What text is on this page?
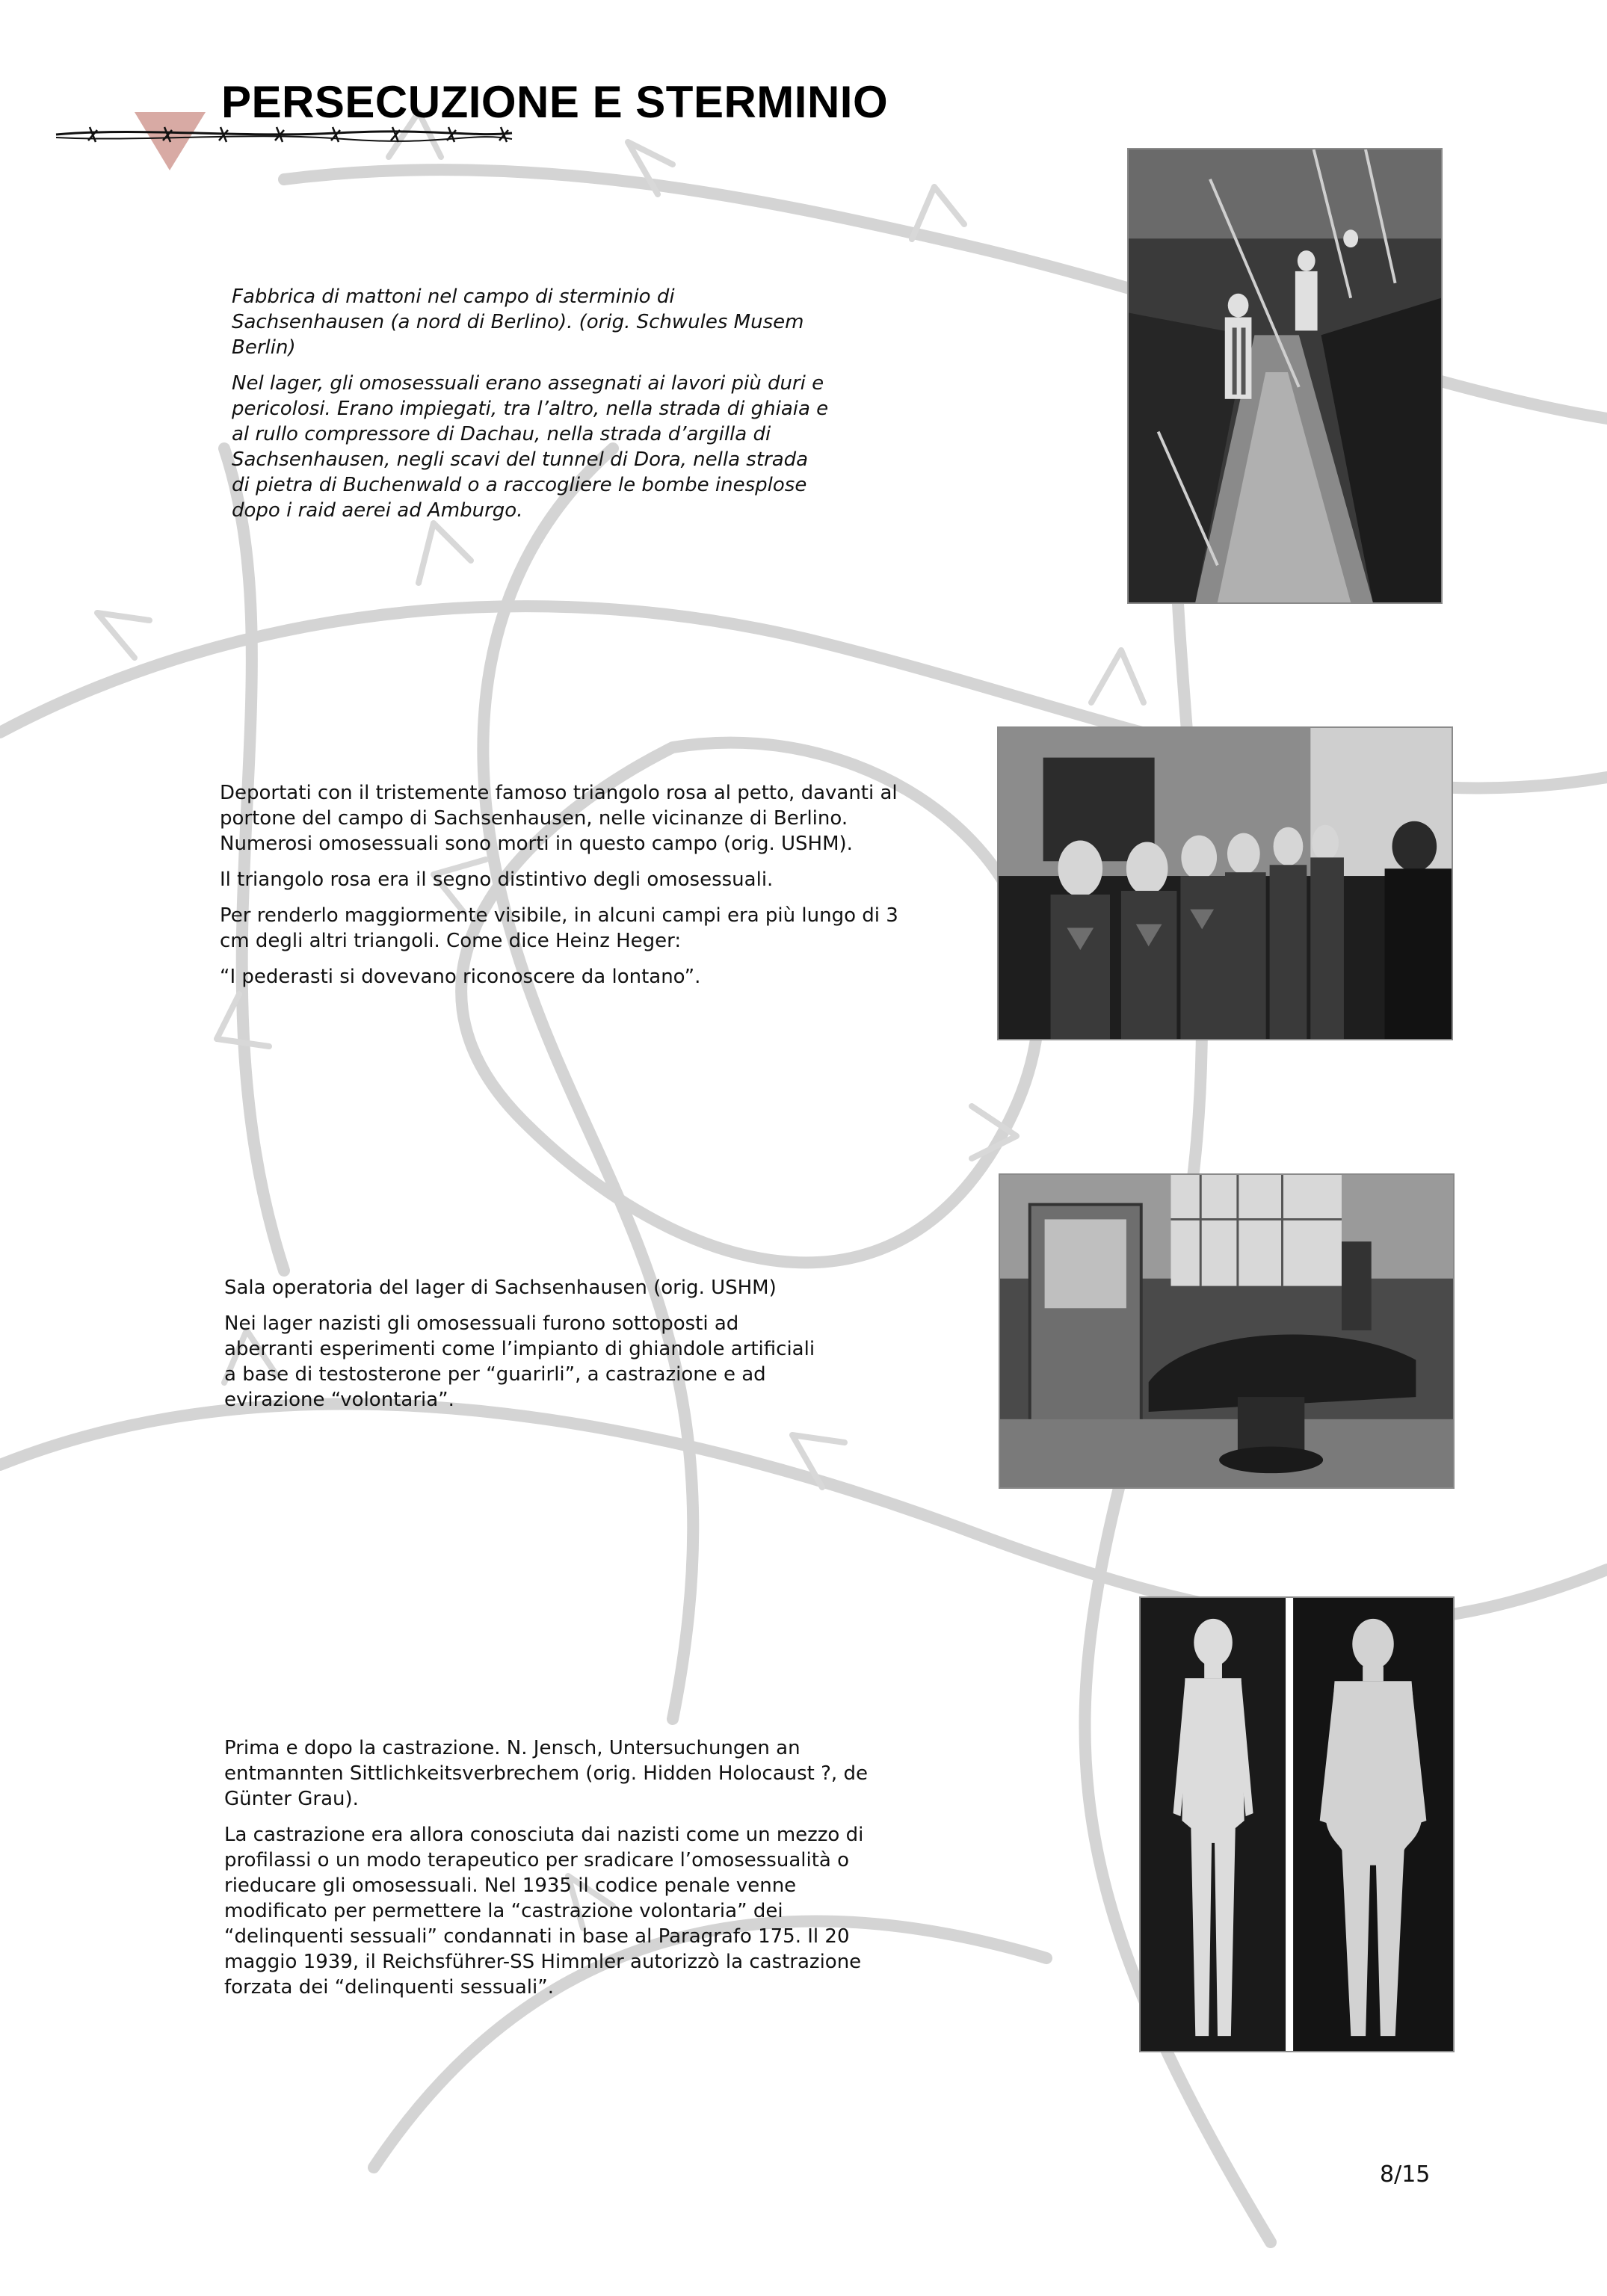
PERSECUZIONE E STERMINIO

Fabbrica di mattoni nel campo di sterminio di Sachsenhausen (a nord di Berlino). (orig. Schwules Musem Berlin)

Nel lager, gli omosessuali erano assegnati ai lavori più duri e pericolosi. Erano impiegati, tra l’altro, nella strada di ghiaia e al rullo compressore di Dachau, nella strada d’argilla di Sachsenhausen, negli scavi del tunnel di Dora, nella strada di pietra di Buchenwald o a raccogliere le bombe inesplose dopo i raid aerei ad Amburgo.

Deportati con il tristemente famoso triangolo rosa al petto, davanti al portone del campo di Sachsenhausen, nelle vicinanze di Berlino. Numerosi omosessuali sono morti in questo campo (orig. USHM).

Il triangolo rosa era il segno distintivo degli omosessuali.

Per renderlo maggiormente visibile, in alcuni campi era più lungo di 3 cm degli altri triangoli. Come dice Heinz Heger:

“I pederasti si dovevano riconoscere da lontano”.

Sala operatoria del lager di Sachsenhausen (orig. USHM)

Nei lager nazisti gli omosessuali furono sottoposti ad aberranti esperimenti come l’impianto di ghiandole artificiali a base di testosterone per “guarirli”, a castrazione e ad evirazione “volontaria”.

Prima e dopo la castrazione. N. Jensch, Untersuchungen an entmannten Sittlichkeitsverbrechem (orig. Hidden Holocaust ?, de Günter Grau).

La castrazione era allora conosciuta dai nazisti come un mezzo di profilassi o un modo terapeutico per sradicare l’omosessualità o rieducare gli omosessuali. Nel 1935 il codice penale venne modificato per permettere la “castrazione volontaria” dei “delinquenti sessuali” condannati in base al Paragrafo 175. Il 20 maggio 1939, il Reichsführer-SS Himmler autorizzò la castrazione forzata dei “delinquenti sessuali”.

8/15
